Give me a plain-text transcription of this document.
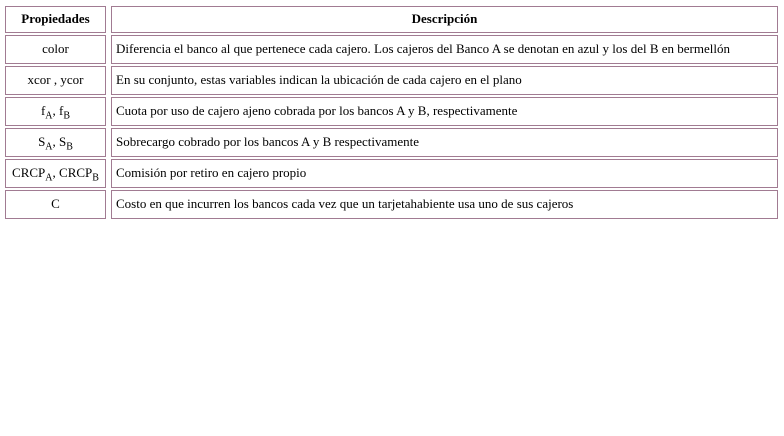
Propiedades	Descripción
color	Diferencia el banco al que pertenece cada cajero. Los cajeros del Banco A se denotan en azul y los del B en bermellón
xcor , ycor	En su conjunto, estas variables indican la ubicación de cada cajero en el plano
$f_A$, $f_B$	Cuota por uso de cajero ajeno cobrada por los bancos A y B, respectivamente
$S_A$, $S_B$	Sobrecargo cobrado por los bancos A y B respectivamente
$CRCP_A$, $CRCP_B$	Comisión por retiro en cajero propio
C	Costo en que incurren los bancos cada vez que un tarjetahabiente usa uno de sus cajeros
